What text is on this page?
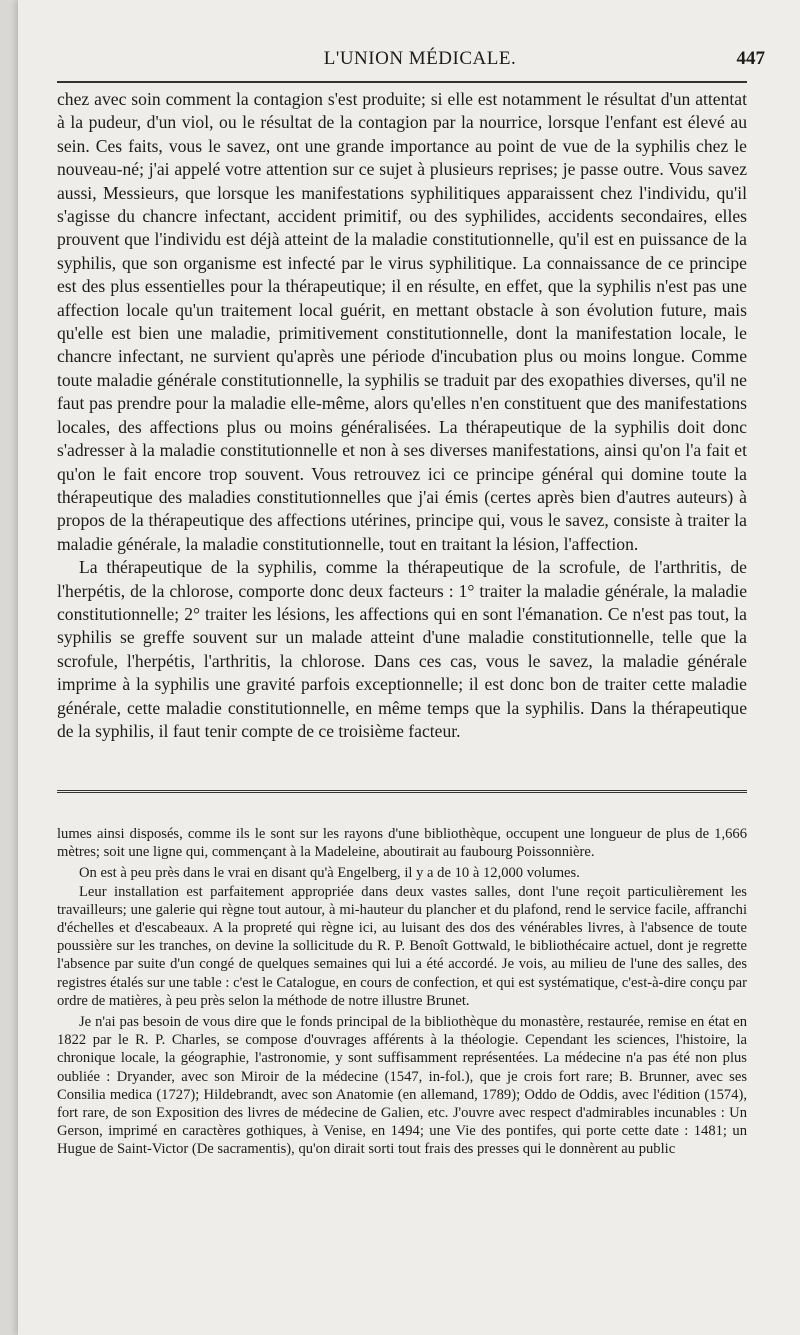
L'UNION MÉDICALE.	447

chez avec soin comment la contagion s'est produite; si elle est notamment le résultat d'un attentat à la pudeur, d'un viol, ou le résultat de la contagion par la nourrice, lorsque l'enfant est élevé au sein. Ces faits, vous le savez, ont une grande importance au point de vue de la syphilis chez le nouveau-né; j'ai appelé votre attention sur ce sujet à plusieurs reprises; je passe outre. Vous savez aussi, Messieurs, que lorsque les manifestations syphilitiques apparaissent chez l'individu, qu'il s'agisse du chancre infectant, accident primitif, ou des syphilides, accidents secondaires, elles prouvent que l'individu est déjà atteint de la maladie constitutionnelle, qu'il est en puissance de la syphilis, que son organisme est infecté par le virus syphilitique. La connaissance de ce principe est des plus essentielles pour la thérapeutique; il en résulte, en effet, que la syphilis n'est pas une affection locale qu'un traitement local guérit, en mettant obstacle à son évolution future, mais qu'elle est bien une maladie, primitivement constitutionnelle, dont la manifestation locale, le chancre infectant, ne survient qu'après une période d'incubation plus ou moins longue. Comme toute maladie générale constitutionnelle, la syphilis se traduit par des exopathies diverses, qu'il ne faut pas prendre pour la maladie elle-même, alors qu'elles n'en constituent que des manifestations locales, des affections plus ou moins généralisées. La thérapeutique de la syphilis doit donc s'adresser à la maladie constitutionnelle et non à ses diverses manifestations, ainsi qu'on l'a fait et qu'on le fait encore trop souvent. Vous retrouvez ici ce principe général qui domine toute la thérapeutique des maladies constitutionnelles que j'ai émis (certes après bien d'autres auteurs) à propos de la thérapeutique des affections utérines, principe qui, vous le savez, consiste à traiter la maladie générale, la maladie constitutionnelle, tout en traitant la lésion, l'affection.

La thérapeutique de la syphilis, comme la thérapeutique de la scrofule, de l'arthritis, de l'herpétis, de la chlorose, comporte donc deux facteurs : 1° traiter la maladie générale, la maladie constitutionnelle; 2° traiter les lésions, les affections qui en sont l'émanation. Ce n'est pas tout, la syphilis se greffe souvent sur un malade atteint d'une maladie constitutionnelle, telle que la scrofule, l'herpétis, l'arthritis, la chlorose. Dans ces cas, vous le savez, la maladie générale imprime à la syphilis une gravité parfois exceptionnelle; il est donc bon de traiter cette maladie générale, cette maladie constitutionnelle, en même temps que la syphilis. Dans la thérapeutique de la syphilis, il faut tenir compte de ce troisième facteur.

lumes ainsi disposés, comme ils le sont sur les rayons d'une bibliothèque, occupent une longueur de plus de 1,666 mètres; soit une ligne qui, commençant à la Madeleine, aboutirait au faubourg Poissonnière.

On est à peu près dans le vrai en disant qu'à Engelberg, il y a de 10 à 12,000 volumes.

Leur installation est parfaitement appropriée dans deux vastes salles, dont l'une reçoit particulièrement les travailleurs; une galerie qui règne tout autour, à mi-hauteur du plancher et du plafond, rend le service facile, affranchi d'échelles et d'escabeaux. A la propreté qui règne ici, au luisant des dos des vénérables livres, à l'absence de toute poussière sur les tranches, on devine la sollicitude du R. P. Benoît Gottwald, le bibliothécaire actuel, dont je regrette l'absence par suite d'un congé de quelques semaines qui lui a été accordé. Je vois, au milieu de l'une des salles, des registres étalés sur une table : c'est le Catalogue, en cours de confection, et qui est systématique, c'est-à-dire conçu par ordre de matières, à peu près selon la méthode de notre illustre Brunet.

Je n'ai pas besoin de vous dire que le fonds principal de la bibliothèque du monastère, restaurée, remise en état en 1822 par le R. P. Charles, se compose d'ouvrages afférents à la théologie. Cependant les sciences, l'histoire, la chronique locale, la géographie, l'astronomie, y sont suffisamment représentées. La médecine n'a pas été non plus oubliée : Dryander, avec son Miroir de la médecine (1547, in-fol.), que je crois fort rare; B. Brunner, avec ses Consilia medica (1727); Hildebrandt, avec son Anatomie (en allemand, 1789); Oddo de Oddis, avec l'édition (1574), fort rare, de son Exposition des livres de médecine de Galien, etc. J'ouvre avec respect d'admirables incunables : Un Gerson, imprimé en caractères gothiques, à Venise, en 1494; une Vie des pontifes, qui porte cette date : 1481; un Hugue de Saint-Victor (De sacramentis), qu'on dirait sorti tout frais des presses qui le donnèrent au public
